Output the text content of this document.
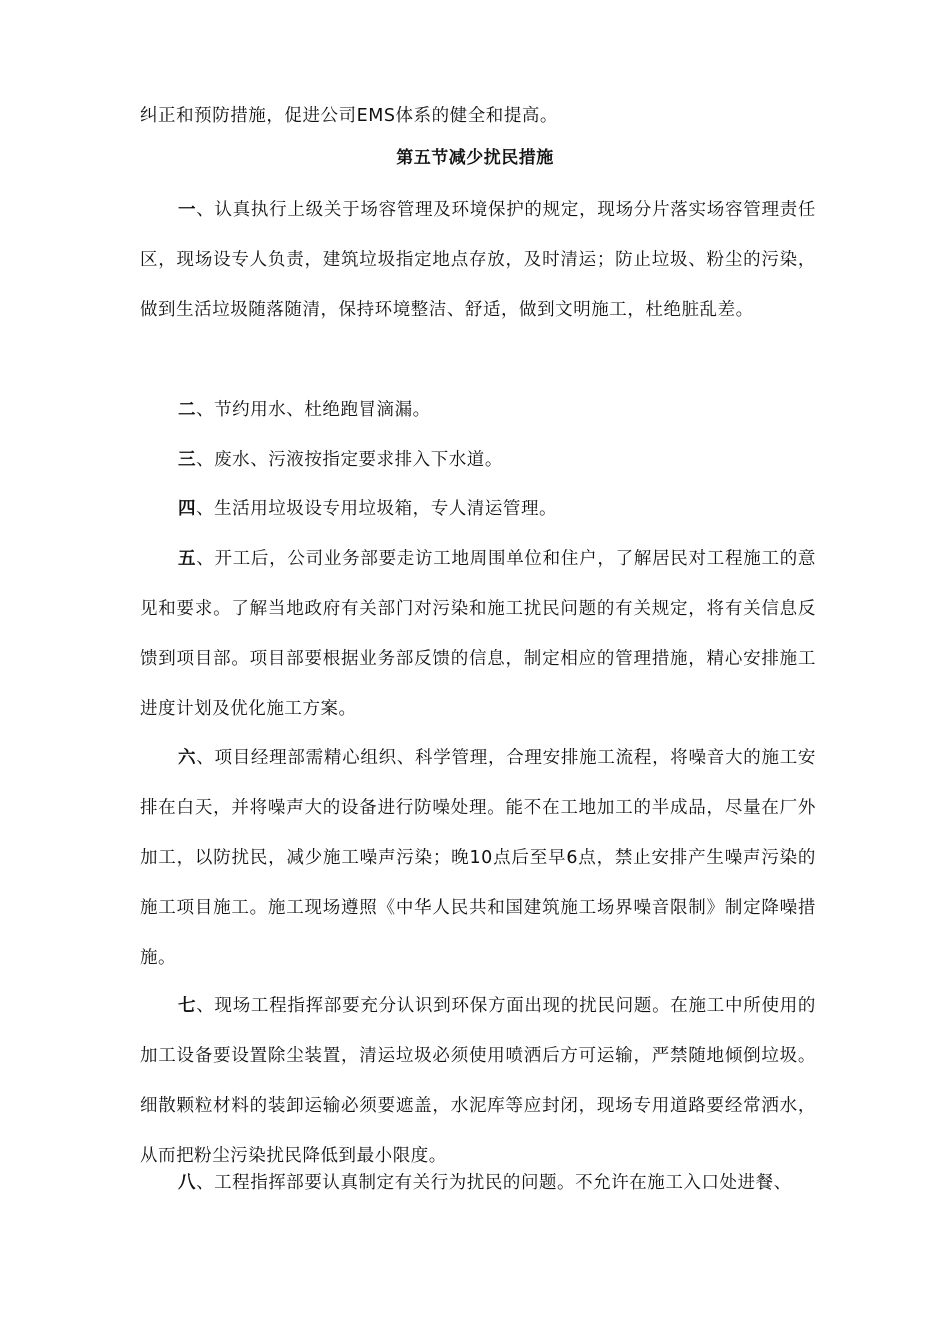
纠正和预防措施，促进公司EMS体系的健全和提高。

第五节减少扰民措施

一、认真执行上级关于场容管理及环境保护的规定，现场分片落实场容管理责任区，现场设专人负责，建筑垃圾指定地点存放，及时清运；防止垃圾、粉尘的污染，做到生活垃圾随落随清，保持环境整洁、舒适，做到文明施工，杜绝脏乱差。

二、节约用水、杜绝跑冒滴漏。

三、废水、污液按指定要求排入下水道。

四、生活用垃圾设专用垃圾箱，专人清运管理。

五、开工后，公司业务部要走访工地周围单位和住户，了解居民对工程施工的意见和要求。了解当地政府有关部门对污染和施工扰民问题的有关规定，将有关信息反馈到项目部。项目部要根据业务部反馈的信息，制定相应的管理措施，精心安排施工进度计划及优化施工方案。

六、项目经理部需精心组织、科学管理，合理安排施工流程，将噪音大的施工安排在白天，并将噪声大的设备进行防噪处理。能不在工地加工的半成品，尽量在厂外加工，以防扰民，减少施工噪声污染；晚10点后至早6点，禁止安排产生噪声污染的施工项目施工。施工现场遵照《中华人民共和国建筑施工场界噪音限制》制定降噪措施。

七、现场工程指挥部要充分认识到环保方面出现的扰民问题。在施工中所使用的加工设备要设置除尘装置，清运垃圾必须使用喷洒后方可运输，严禁随地倾倒垃圾。细散颗粒材料的装卸运输必须要遮盖，水泥库等应封闭，现场专用道路要经常洒水，从而把粉尘污染扰民降低到最小限度。

八、工程指挥部要认真制定有关行为扰民的问题。不允许在施工入口处进餐、
